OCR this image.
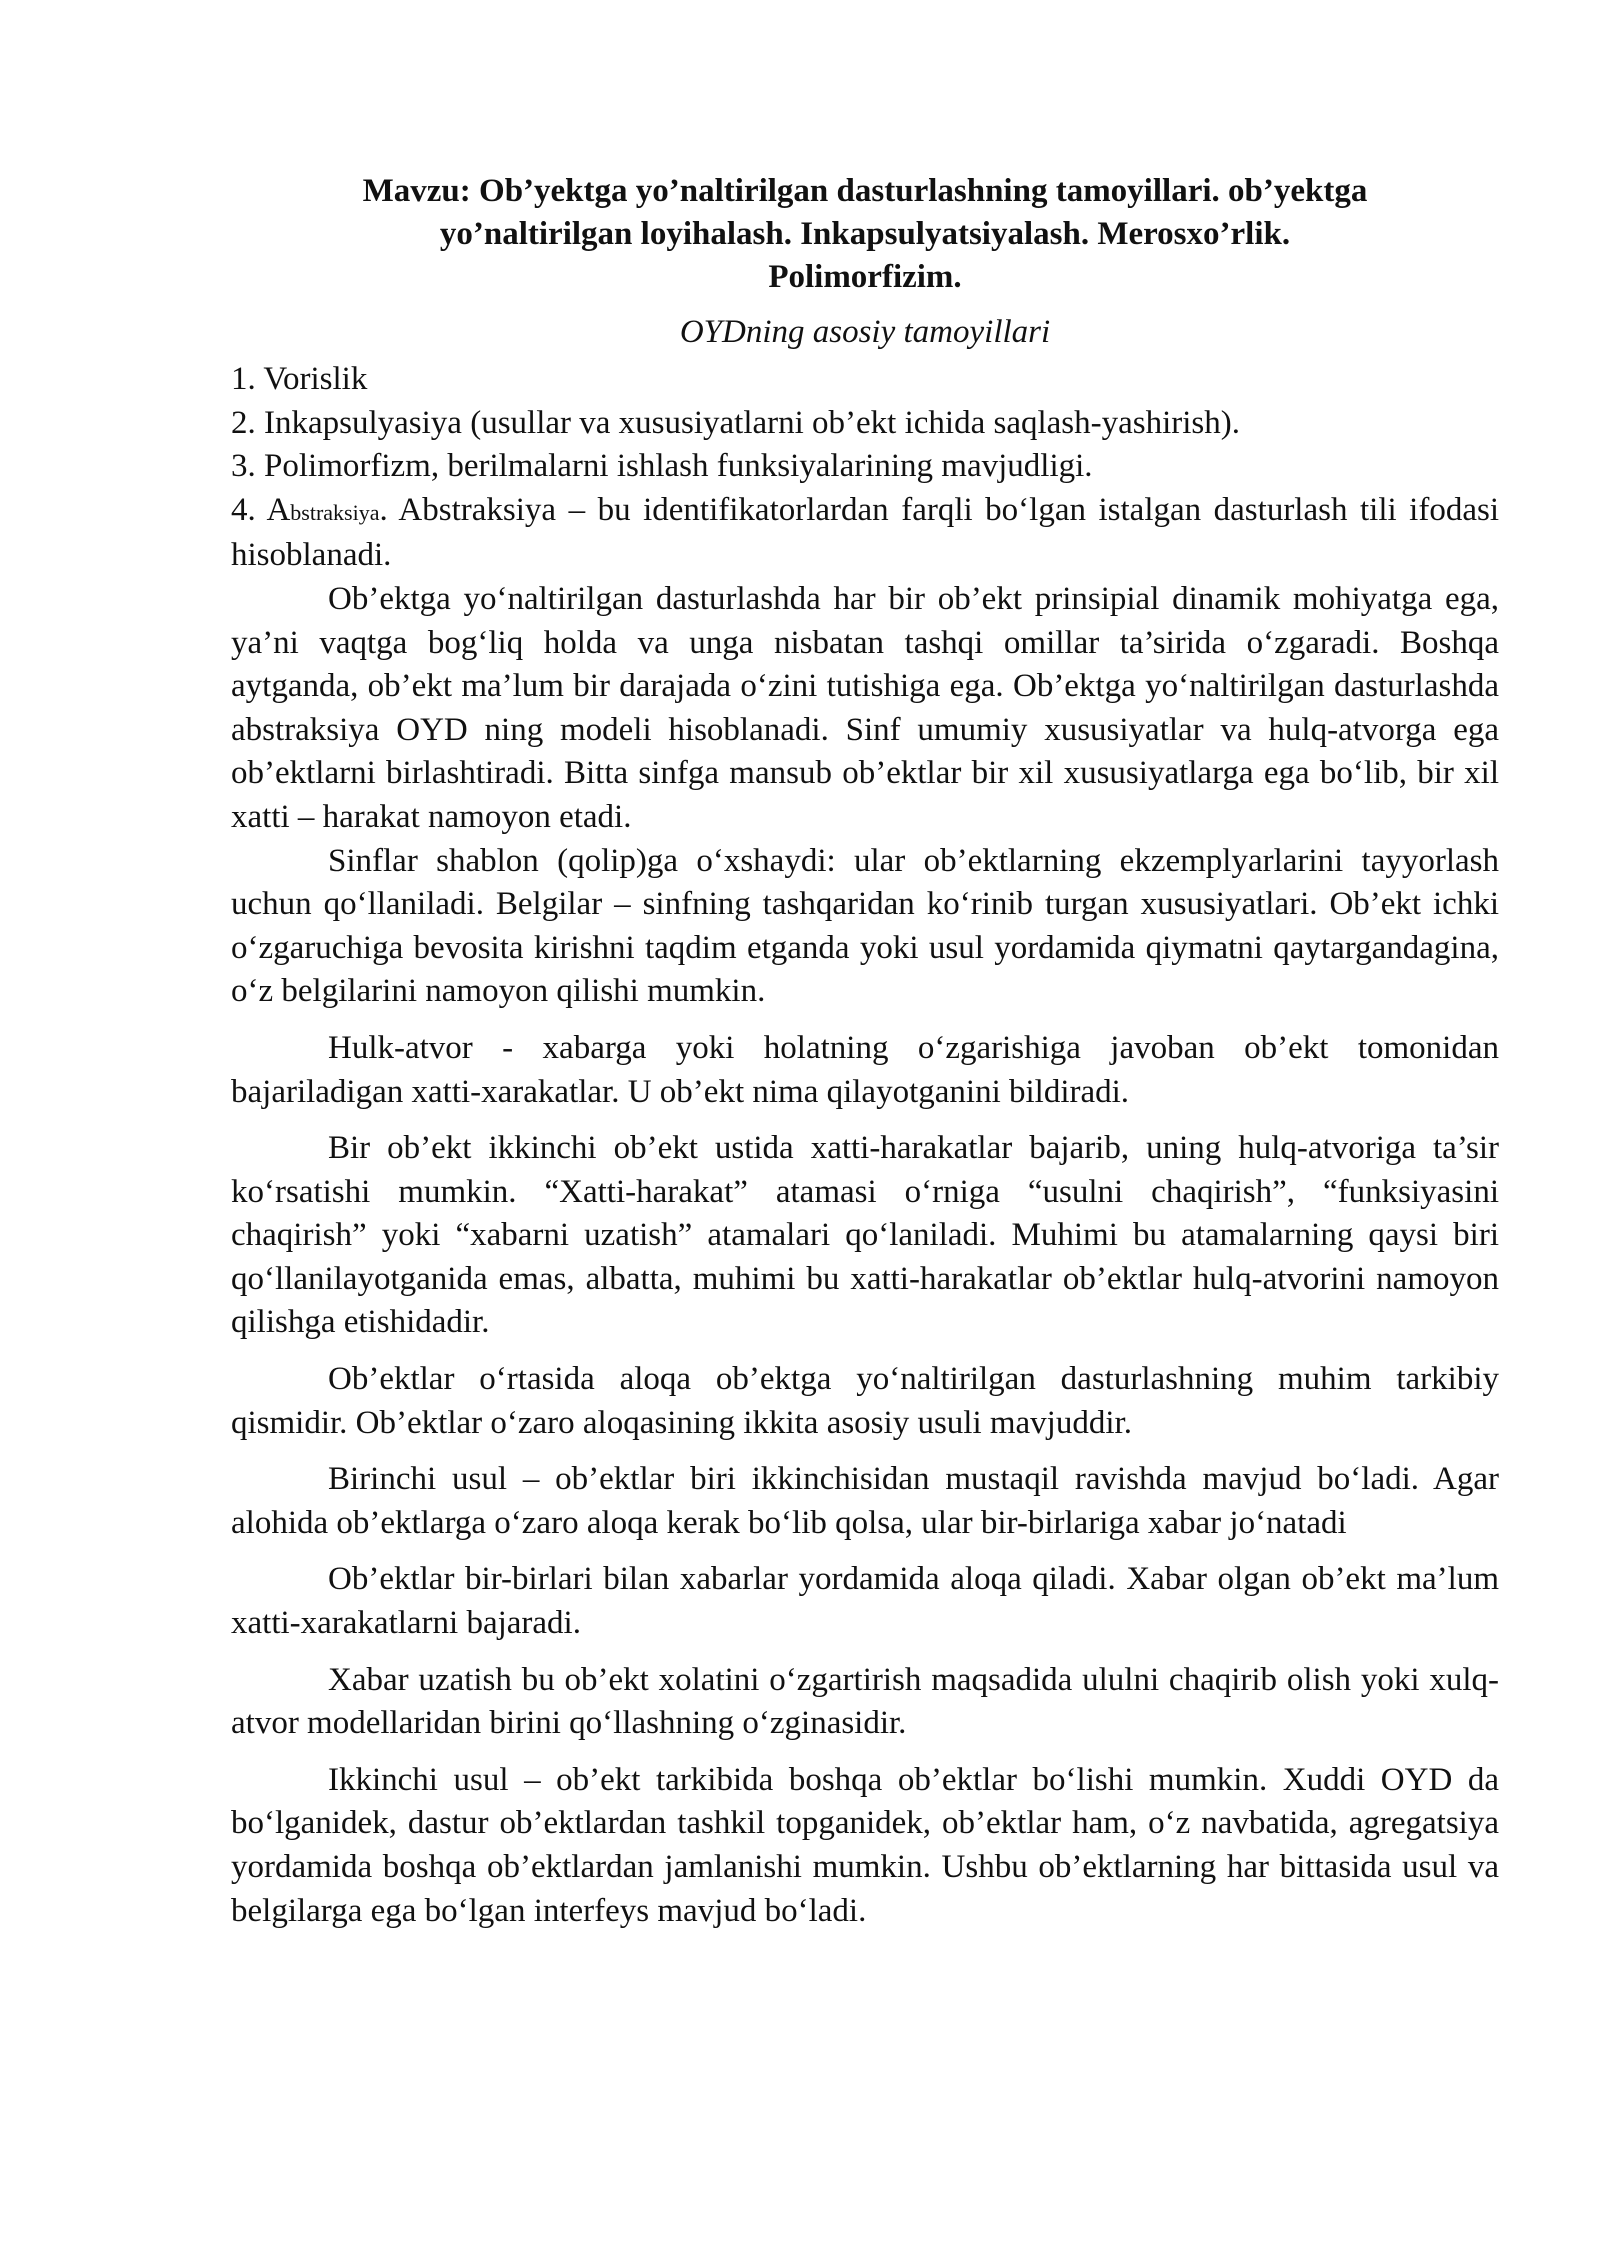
Mavzu: Ob’yektga yo’naltirilgan dasturlashning tamoyillari. ob’yektga
yo’naltirilgan loyihalash. Inkapsulyatsiyalash. Merosxo’rlik.
Polimorfizim.
OYDning asosiy tamoyillari
1. Vorislik
2. Inkapsulyasiya (usullar va xususiyatlarni ob’ekt ichida saqlash-yashirish).
3. Polimorfizm, berilmalarni ishlash funksiyalarining mavjudligi.
4. Abstraksiya. Abstraksiya – bu identifikatorlardan farqli bo‘lgan istalgan dasturlash tili ifodasi hisoblanadi.

Ob’ektga yo‘naltirilgan dasturlashda har bir ob’ekt prinsipial dinamik mohiyatga ega, ya’ni vaqtga bog‘liq holda va unga nisbatan tashqi omillar ta’sirida o‘zgaradi. Boshqa aytganda, ob’ekt ma’lum bir darajada o‘zini tutishiga ega. Ob’ektga yo‘naltirilgan dasturlashda abstraksiya OYD ning modeli hisoblanadi. Sinf umumiy xususiyatlar va hulq-atvorga ega ob’ektlarni birlashtiradi. Bitta sinfga mansub ob’ektlar bir xil xususiyatlarga ega bo‘lib, bir xil xatti – harakat namoyon etadi.

Sinflar shablon (qolip)ga o‘xshaydi: ular ob’ektlarning ekzemplyarlarini tayyorlash uchun qo‘llaniladi. Belgilar – sinfning tashqaridan ko‘rinib turgan xususiyatlari. Ob’ekt ichki o‘zgaruchiga bevosita kirishni taqdim etganda yoki usul yordamida qiymatni qaytargandagina, o‘z belgilarini namoyon qilishi mumkin.

Hulk-atvor - xabarga yoki holatning o‘zgarishiga javoban ob’ekt tomonidan bajariladigan xatti-xarakatlar. U ob’ekt nima qilayotganini bildiradi.

Bir ob’ekt ikkinchi ob’ekt ustida xatti-harakatlar bajarib, uning hulq-atvoriga ta’sir ko‘rsatishi mumkin. “Xatti-harakat” atamasi o‘rniga “usulni chaqirish”, “funksiyasini chaqirish” yoki “xabarni uzatish” atamalari qo‘laniladi. Muhimi bu atamalarning qaysi biri qo‘llanilayotganida emas, albatta, muhimi bu xatti-harakatlar ob’ektlar hulq-atvorini namoyon qilishga etishidadir.

Ob’ektlar o‘rtasida aloqa ob’ektga yo‘naltirilgan dasturlashning muhim tarkibiy qismidir. Ob’ektlar o‘zaro aloqasining ikkita asosiy usuli mavjuddir.

Birinchi usul – ob’ektlar biri ikkinchisidan mustaqil ravishda mavjud bo‘ladi. Agar alohida ob’ektlarga o‘zaro aloqa kerak bo‘lib qolsa, ular bir-birlariga xabar jo‘natadi

Ob’ektlar bir-birlari bilan xabarlar yordamida aloqa qiladi. Xabar olgan ob’ekt ma’lum xatti-xarakatlarni bajaradi.

Xabar uzatish bu ob’ekt xolatini o‘zgartirish maqsadida ululni chaqirib olish yoki xulq-atvor modellaridan birini qo‘llashning o‘zginasidir.

Ikkinchi usul – ob’ekt tarkibida boshqa ob’ektlar bo‘lishi mumkin. Xuddi OYD da bo‘lganidek, dastur ob’ektlardan tashkil topganidek, ob’ektlar ham, o‘z navbatida, agregatsiya yordamida boshqa ob’ektlardan jamlanishi mumkin. Ushbu ob’ektlarning har bittasida usul va belgilarga ega bo‘lgan interfeys mavjud bo‘ladi.
